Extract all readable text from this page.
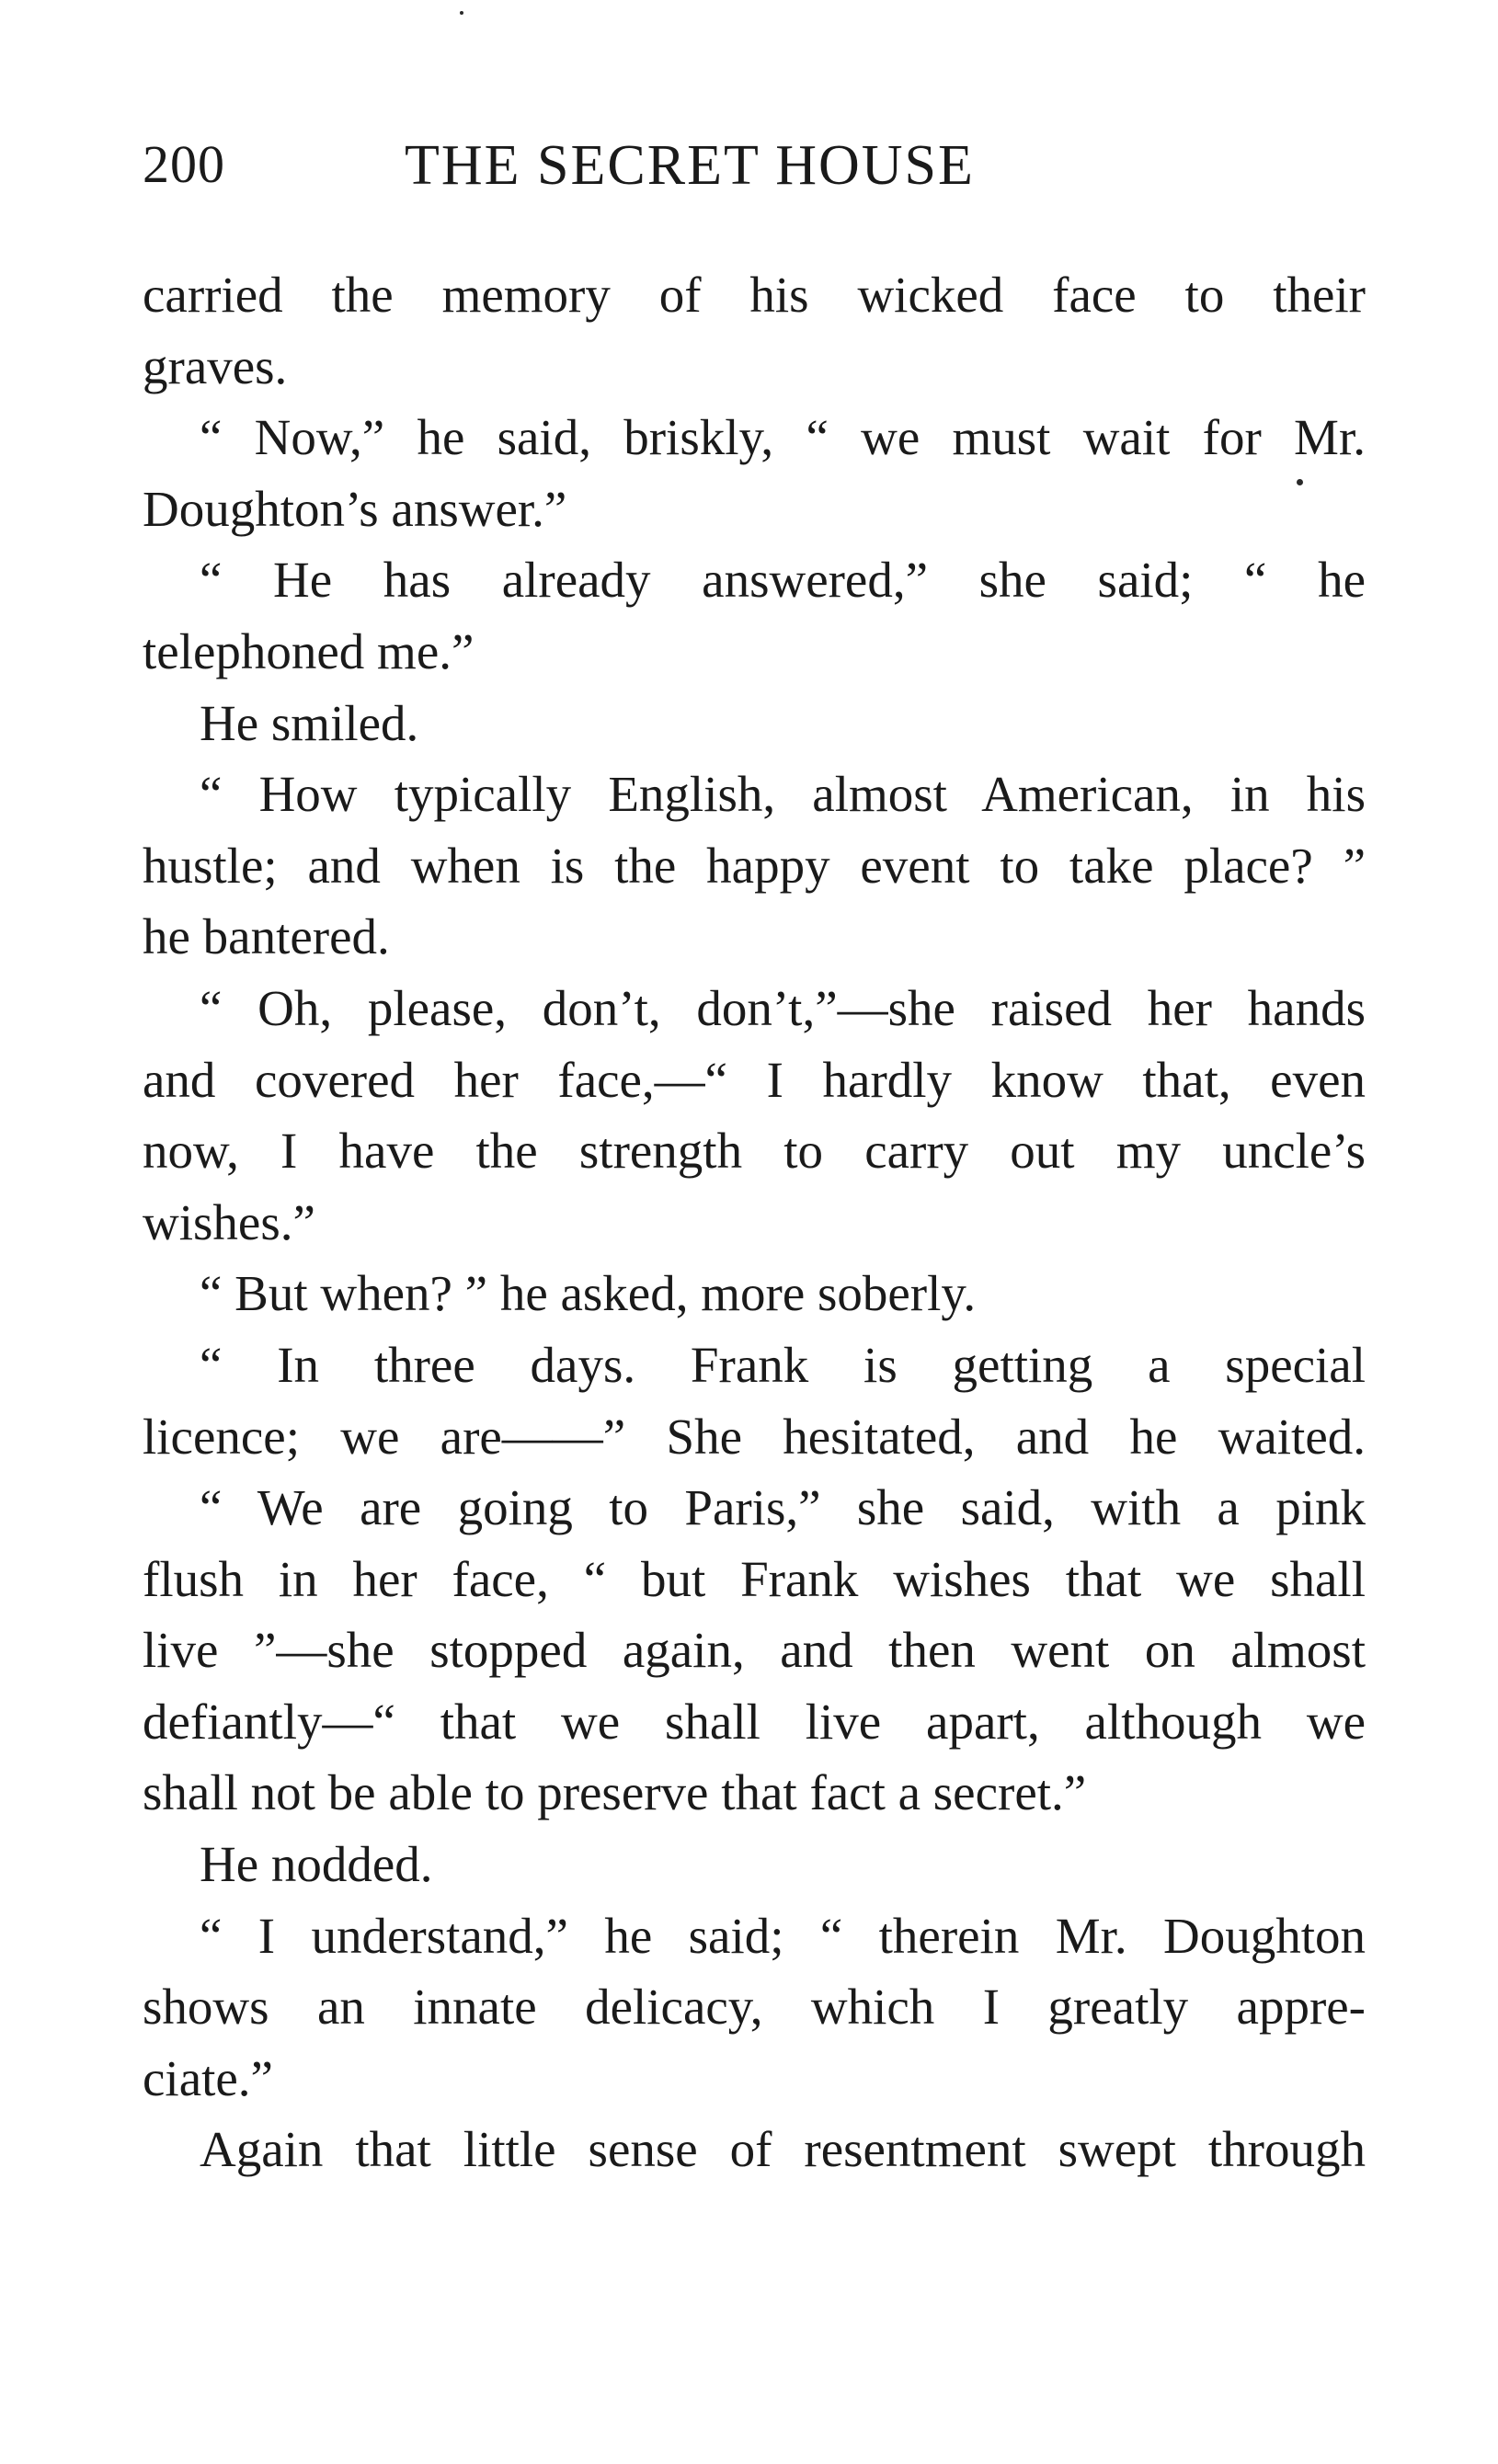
200	THE SECRET HOUSE
carried the memory of his wicked face to their
graves.
“ Now,” he said, briskly, “ we must wait for Mr.
Doughton’s answer.”
“ He has already answered,” she said; “ he
telephoned me.”
He smiled.
“ How typically English, almost American, in his
hustle; and when is the happy event to take place? ”
he bantered.
“ Oh, please, don’t, don’t,”—she raised her hands
and covered her face,—“ I hardly know that, even
now, I have the strength to carry out my uncle’s
wishes.”
“ But when? ” he asked, more soberly.
“ In three days. Frank is getting a special
licence; we are——” She hesitated, and he waited.
“ We are going to Paris,” she said, with a pink
flush in her face, “ but Frank wishes that we shall
live ”—she stopped again, and then went on almost
defiantly—“ that we shall live apart, although we
shall not be able to preserve that fact a secret.”
He nodded.
“ I understand,” he said; “ therein Mr. Doughton
shows an innate delicacy, which I greatly appre-
ciate.”
Again that little sense of resentment swept through
